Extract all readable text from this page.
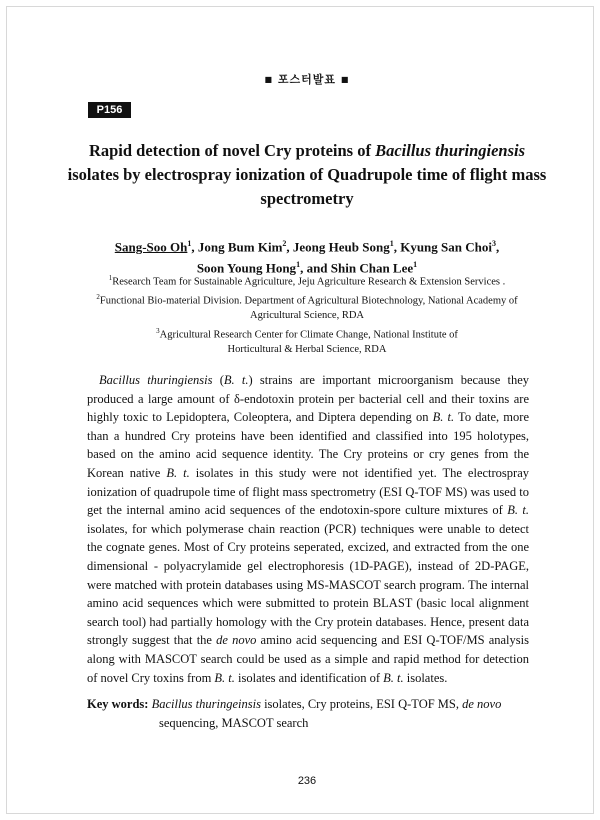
■ 포스터발표 ■
P156
Rapid detection of novel Cry proteins of Bacillus thuringiensis isolates by electrospray ionization of Quadrupole time of flight mass spectrometry
Sang-Soo Oh$^1$, Jong Bum Kim$^2$, Jeong Heub Song$^1$, Kyung San Choi$^3$,
Soon Young Hong$^1$, and Shin Chan Lee$^1$
$^1$Research Team for Sustainable Agriculture, Jeju Agriculture Research & Extension Services .
$^2$Functional Bio-material Division. Department of Agricultural Biotechnology, National Academy of Agricultural Science, RDA
$^3$Agricultural Research Center for Climate Change, National Institute of Horticultural & Herbal Science, RDA
Bacillus thuringiensis (B. t.) strains are important microorganism because they produced a large amount of δ-endotoxin protein per bacterial cell and their toxins are highly toxic to Lepidoptera, Coleoptera, and Diptera depending on B. t. To date, more than a hundred Cry proteins have been identified and classified into 195 holotypes, based on the amino acid sequence identity. The Cry proteins or cry genes from the Korean native B. t. isolates in this study were not identified yet. The electrospray ionization of quadrupole time of flight mass spectrometry (ESI Q-TOF MS) was used to get the internal amino acid sequences of the endotoxin-spore culture mixtures of B. t. isolates, for which polymerase chain reaction (PCR) techniques were unable to detect the cognate genes. Most of Cry proteins seperated, excized, and extracted from the one dimensional - polyacrylamide gel electrophoresis (1D-PAGE), instead of 2D-PAGE, were matched with protein databases using MS-MASCOT search program. The internal amino acid sequences which were submitted to protein BLAST (basic local alignment search tool) had partially homology with the Cry protein databases. Hence, present data strongly suggest that the de novo amino acid sequencing and ESI Q-TOF/MS analysis along with MASCOT search could be used as a simple and rapid method for detection of novel Cry toxins from B. t. isolates and identification of B. t. isolates.
Key words: Bacillus thuringeinsis isolates, Cry proteins, ESI Q-TOF MS, de novo sequencing, MASCOT search
236
